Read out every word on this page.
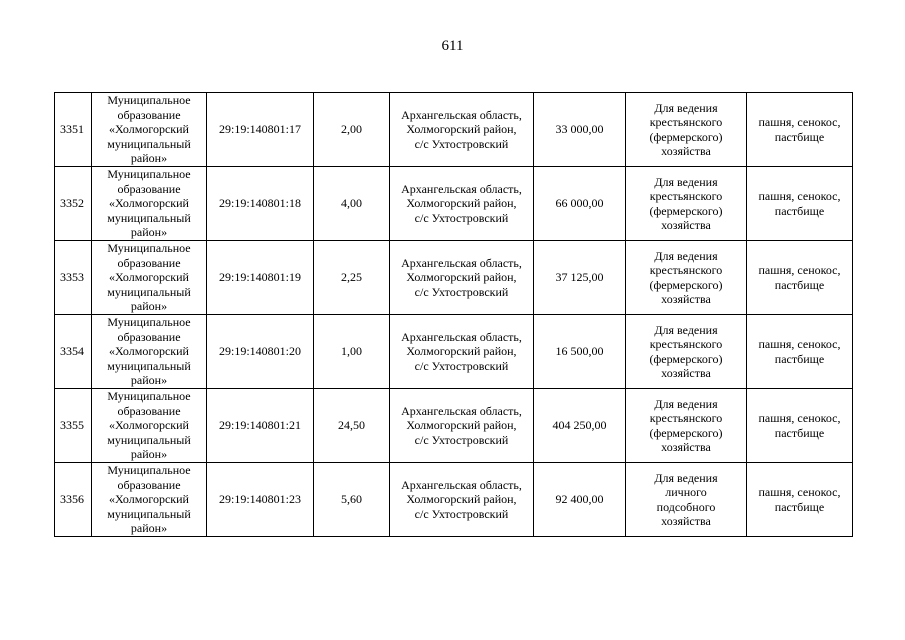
611
3351	Муниципальное
образование
«Холмогорский
муниципальный
район»	29:19:140801:17	2,00	Архангельская область,
Холмогорский район,
с/с Ухтостровский	33 000,00	Для ведения
крестьянского
(фермерского)
хозяйства	пашня, сенокос,
пастбище
3352	Муниципальное
образование
«Холмогорский
муниципальный
район»	29:19:140801:18	4,00	Архангельская область,
Холмогорский район,
с/с Ухтостровский	66 000,00	Для ведения
крестьянского
(фермерского)
хозяйства	пашня, сенокос,
пастбище
3353	Муниципальное
образование
«Холмогорский
муниципальный
район»	29:19:140801:19	2,25	Архангельская область,
Холмогорский район,
с/с Ухтостровский	37 125,00	Для ведения
крестьянского
(фермерского)
хозяйства	пашня, сенокос,
пастбище
3354	Муниципальное
образование
«Холмогорский
муниципальный
район»	29:19:140801:20	1,00	Архангельская область,
Холмогорский район,
с/с Ухтостровский	16 500,00	Для ведения
крестьянского
(фермерского)
хозяйства	пашня, сенокос,
пастбище
3355	Муниципальное
образование
«Холмогорский
муниципальный
район»	29:19:140801:21	24,50	Архангельская область,
Холмогорский район,
с/с Ухтостровский	404 250,00	Для ведения
крестьянского
(фермерского)
хозяйства	пашня, сенокос,
пастбище
3356	Муниципальное
образование
«Холмогорский
муниципальный
район»	29:19:140801:23	5,60	Архангельская область,
Холмогорский район,
с/с Ухтостровский	92 400,00	Для ведения
личного
подсобного
хозяйства	пашня, сенокос,
пастбище
